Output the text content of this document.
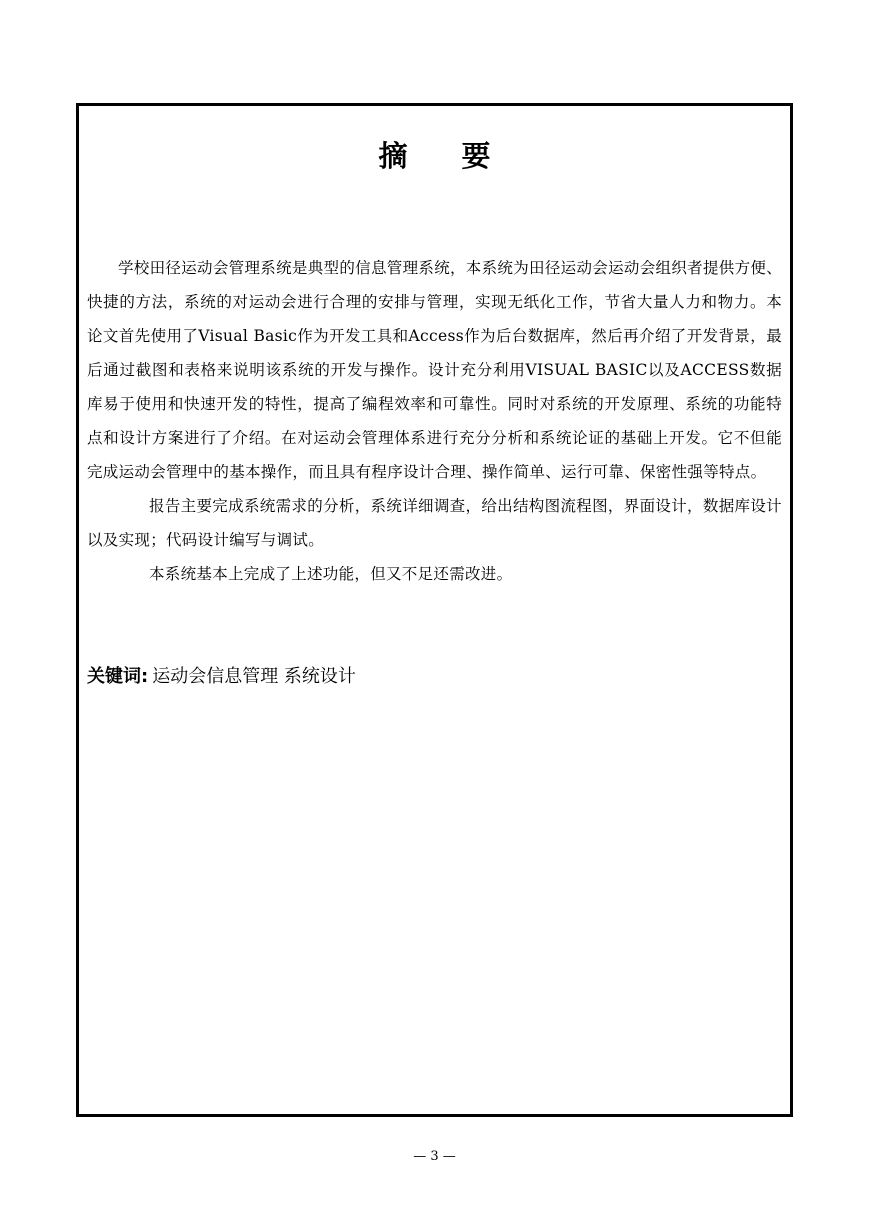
摘 要

学校田径运动会管理系统是典型的信息管理系统，本系统为田径运动会运动会组织者提供方便、快捷的方法，系统的对运动会进行合理的安排与管理，实现无纸化工作，节省大量人力和物力。本论文首先使用了Visual Basic作为开发工具和Access作为后台数据库，然后再介绍了开发背景，最后通过截图和表格来说明该系统的开发与操作。设计充分利用VISUAL BASIC以及ACCESS数据库易于使用和快速开发的特性，提高了编程效率和可靠性。同时对系统的开发原理、系统的功能特点和设计方案进行了介绍。在对运动会管理体系进行充分分析和系统论证的基础上开发。它不但能完成运动会管理中的基本操作，而且具有程序设计合理、操作简单、运行可靠、保密性强等特点。

报告主要完成系统需求的分析，系统详细调查，给出结构图流程图，界面设计，数据库设计以及实现；代码设计编写与调试。

本系统基本上完成了上述功能，但又不足还需改进。

关键词: 运动会信息管理 系统设计
— 3 —
